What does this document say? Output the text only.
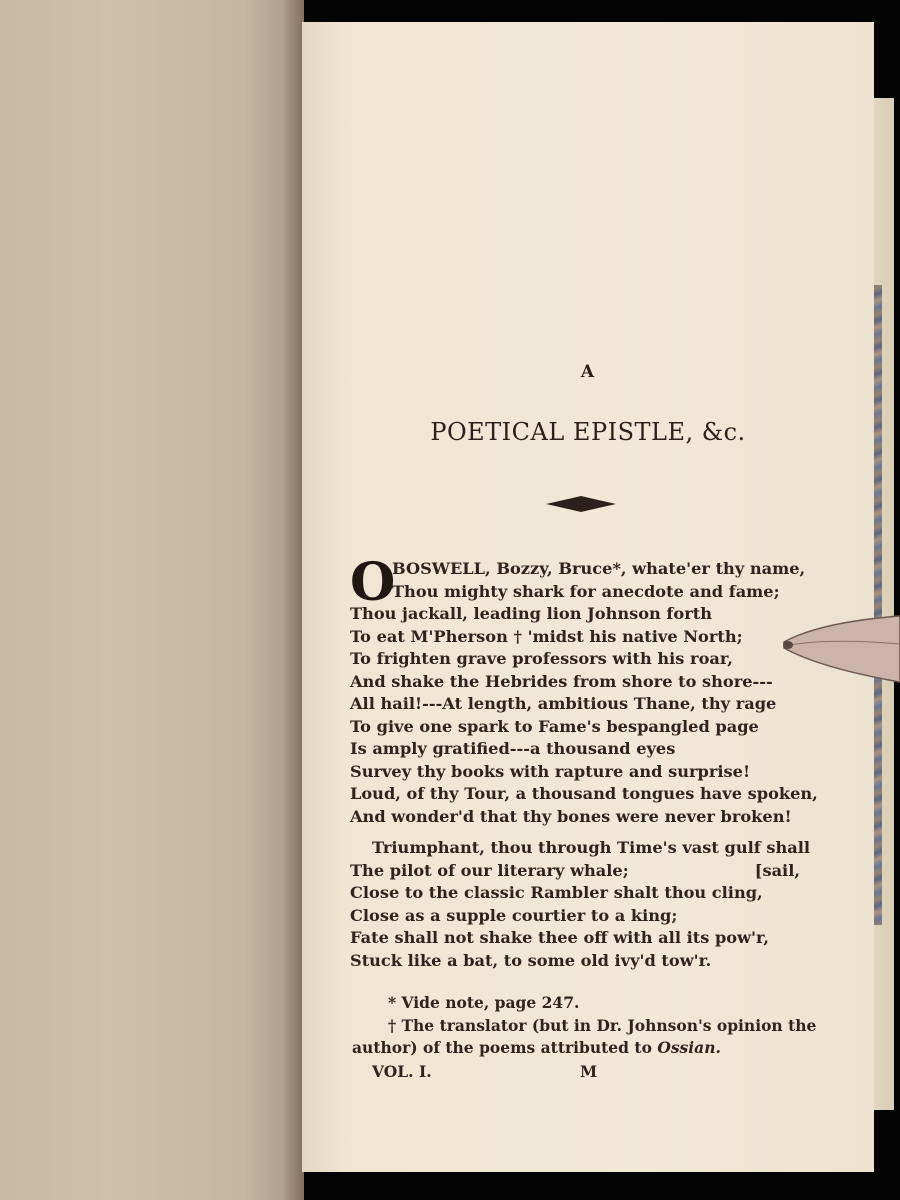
A
POETICAL EPISTLE, &c.
O
BOSWELL, Bozzy, Bruce*, whate'er thy name,
Thou mighty shark for anecdote and fame;
Thou jackall, leading lion Johnson forth
To eat M'Pherson † 'midst his native North;
To frighten grave professors with his roar,
And shake the Hebrides from shore to shore---
All hail!---At length, ambitious Thane, thy rage
To give one spark to Fame's bespangled page
Is amply gratified---a thousand eyes
Survey thy books with rapture and surprise!
Loud, of thy Tour, a thousand tongues have spoken,
And wonder'd that thy bones were never broken!
Triumphant, thou through Time's vast gulf shall
The pilot of our literary whale;	[sail,
Close to the classic Rambler shalt thou cling,
Close as a supple courtier to a king;
Fate shall not shake thee off with all its pow'r,
Stuck like a bat, to some old ivy'd tow'r.
* Vide note, page 247.
† The translator (but in Dr. Johnson's opinion the
author) of the poems attributed to Ossian.
VOL. I.	M
